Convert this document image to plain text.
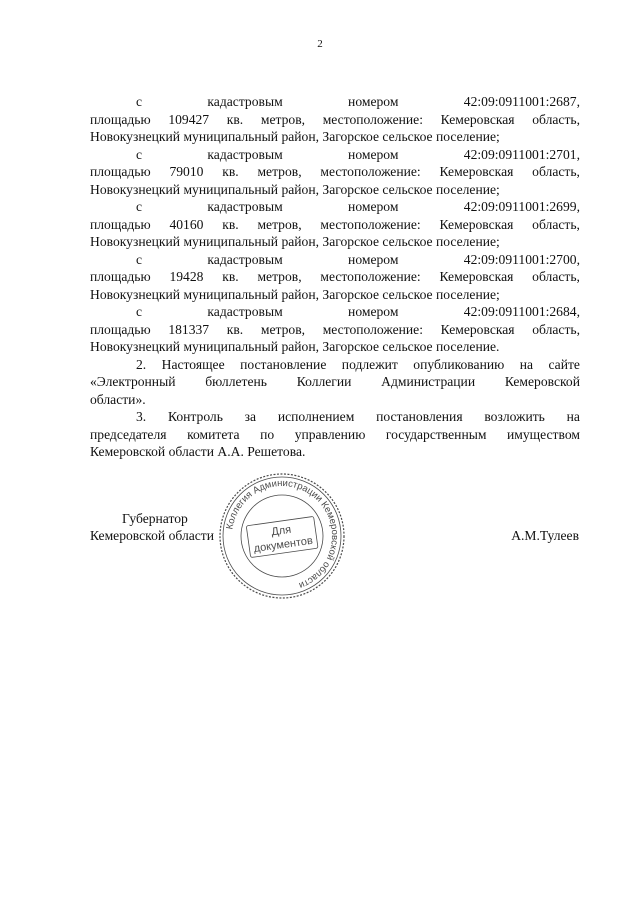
2
с	кадастровым	номером	42:09:0911001:2687,
площадью 109427 кв. метров, местоположение: Кемеровская область,
Новокузнецкий муниципальный район, Загорское сельское поселение;
с	кадастровым	номером	42:09:0911001:2701,
площадью 79010 кв. метров, местоположение: Кемеровская область,
Новокузнецкий муниципальный район, Загорское сельское поселение;
с	кадастровым	номером	42:09:0911001:2699,
площадью 40160 кв. метров, местоположение: Кемеровская область,
Новокузнецкий муниципальный район, Загорское сельское поселение;
с	кадастровым	номером	42:09:0911001:2700,
площадью 19428 кв. метров, местоположение: Кемеровская область,
Новокузнецкий муниципальный район, Загорское сельское поселение;
с	кадастровым	номером	42:09:0911001:2684,
площадью 181337 кв. метров, местоположение: Кемеровская область,
Новокузнецкий муниципальный район, Загорское сельское поселение.
2. Настоящее постановление подлежит опубликованию на сайте
«Электронный бюллетень Коллегии Администрации Кемеровской
области».
3. Контроль за исполнением постановления возложить на
председателя комитета по управлению государственным имуществом
Кемеровской области А.А. Решетова.
Губернатор
Кемеровской области	А.М.Тулеев
Коллегия Администрации Кемеровской области
Для
документов
